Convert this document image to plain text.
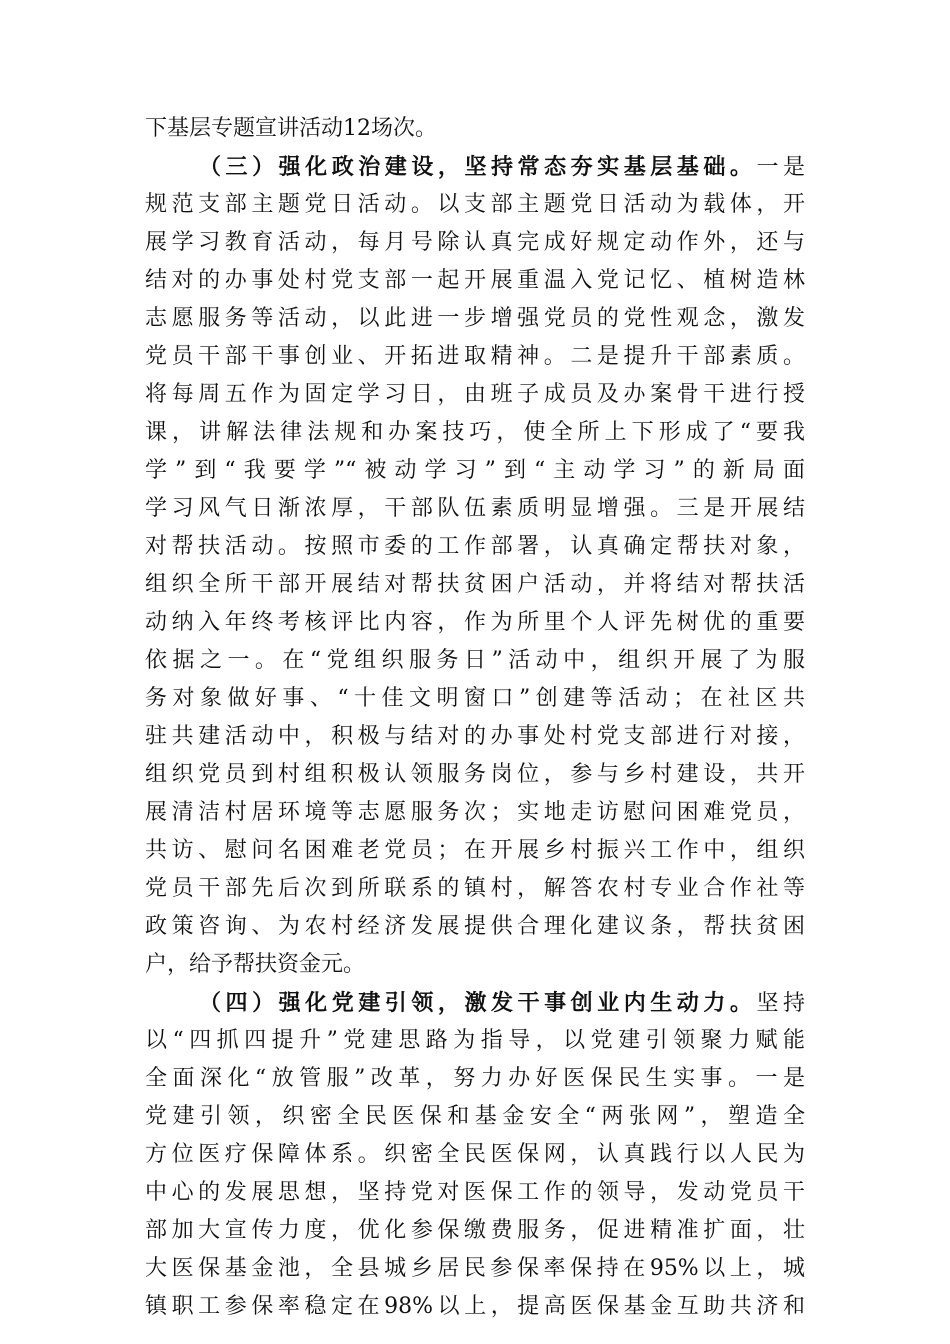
下基层专题宣讲活动12场次。
（三）强化政治建设，坚持常态夯实基层基础。一是
规范支部主题党日活动。以支部主题党日活动为载体，开
展学习教育活动，每月号除认真完成好规定动作外，还与
结对的办事处村党支部一起开展重温入党记忆、植树造林
志愿服务等活动，以此进一步增强党员的党性观念，激发
党员干部干事创业、开拓进取精神。二是提升干部素质。
将每周五作为固定学习日，由班子成员及办案骨干进行授
课，讲解法律法规和办案技巧，使全所上下形成了“要我
学”到“我要学”“被动学习”到“主动学习”的新局面
学习风气日渐浓厚，干部队伍素质明显增强。三是开展结
对帮扶活动。按照市委的工作部署，认真确定帮扶对象，
组织全所干部开展结对帮扶贫困户活动，并将结对帮扶活
动纳入年终考核评比内容，作为所里个人评先树优的重要
依据之一。在“党组织服务日”活动中，组织开展了为服
务对象做好事、“十佳文明窗口”创建等活动；在社区共
驻共建活动中，积极与结对的办事处村党支部进行对接，
组织党员到村组积极认领服务岗位，参与乡村建设，共开
展清洁村居环境等志愿服务次；实地走访慰问困难党员，
共访、慰问名困难老党员；在开展乡村振兴工作中，组织
党员干部先后次到所联系的镇村，解答农村专业合作社等
政策咨询、为农村经济发展提供合理化建议条，帮扶贫困
户，给予帮扶资金元。
（四）强化党建引领，激发干事创业内生动力。坚持
以“四抓四提升”党建思路为指导，以党建引领聚力赋能
全面深化“放管服”改革，努力办好医保民生实事。一是
党建引领，织密全民医保和基金安全“两张网”，塑造全
方位医疗保障体系。织密全民医保网，认真践行以人民为
中心的发展思想，坚持党对医保工作的领导，发动党员干
部加大宣传力度，优化参保缴费服务，促进精准扩面，壮
大医保基金池，全县城乡居民参保率保持在95%以上，城
镇职工参保率稳定在98%以上，提高医保基金互助共济和
